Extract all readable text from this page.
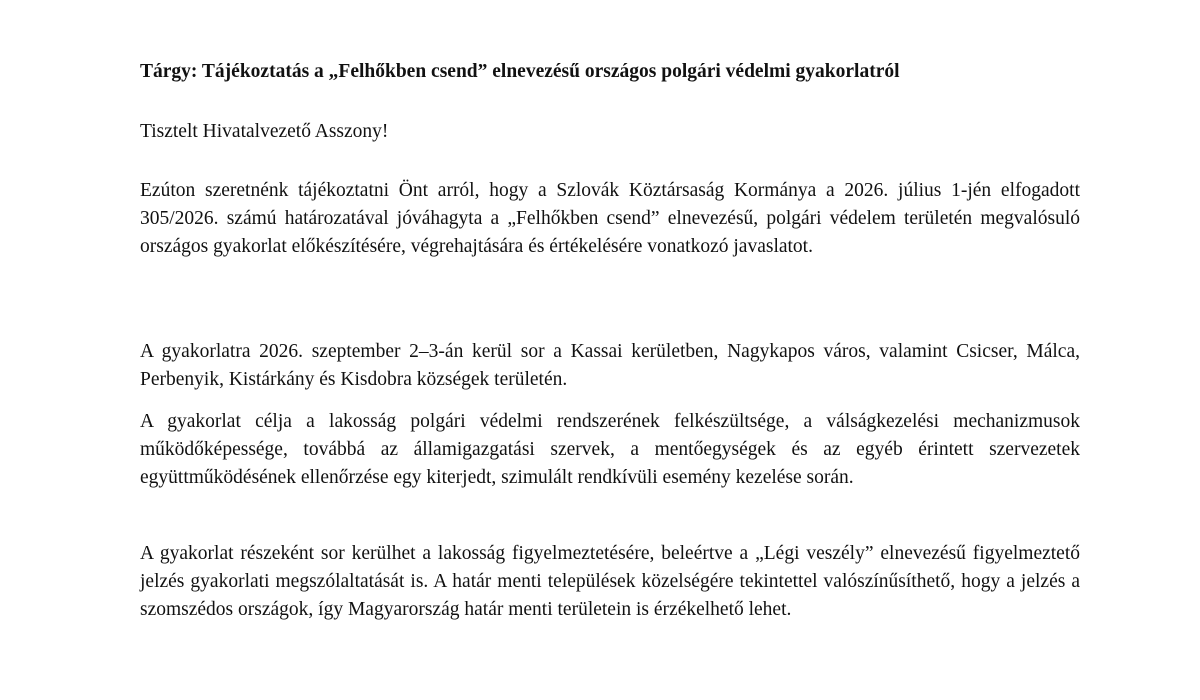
Tárgy: Tájékoztatás a „Felhőkben csend” elnevezésű országos polgári védelmi gyakorlatról
Tisztelt Hivatalvezető Asszony!

Ezúton szeretnénk tájékoztatni Önt arról, hogy a Szlovák Köztársaság Kormánya a 2026. július 1-jén elfogadott 305/2026. számú határozatával jóváhagyta a „Felhőkben csend” elnevezésű, polgári védelem területén megvalósuló országos gyakorlat előkészítésére, végrehajtására és értékelésére vonatkozó javaslatot.

A gyakorlatra 2026. szeptember 2–3-án kerül sor a Kassai kerületben, Nagykapos város, valamint Csicser, Málca, Perbenyik, Kistárkány és Kisdobra községek területén.

A gyakorlat célja a lakosság polgári védelmi rendszerének felkészültsége, a válságkezelési mechanizmusok működőképessége, továbbá az államigazgatási szervek, a mentőegységek és az egyéb érintett szervezetek együttműködésének ellenőrzése egy kiterjedt, szimulált rendkívüli esemény kezelése során.

A gyakorlat részeként sor kerülhet a lakosság figyelmeztetésére, beleértve a „Légi veszély” elnevezésű figyelmeztető jelzés gyakorlati megszólaltatását is. A határ menti települések közelségére tekintettel valószínűsíthető, hogy a jelzés a szomszédos országok, így Magyarország határ menti területein is érzékelhető lehet.
